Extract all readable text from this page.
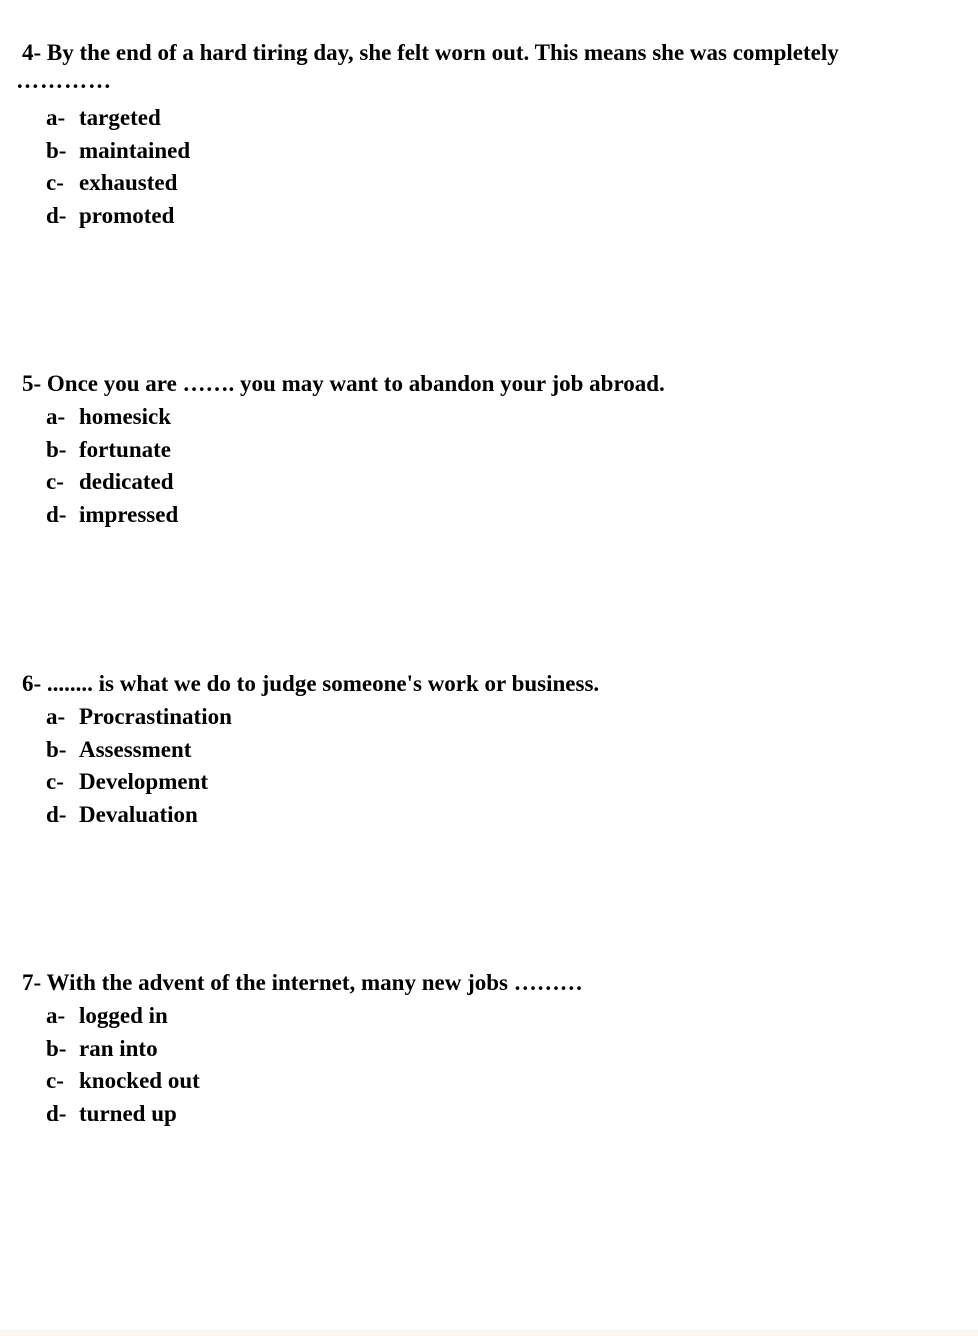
4- By the end of a hard tiring day, she felt worn out. This means she was completely
…………
a- targeted
b- maintained
c- exhausted
d- promoted
5- Once you are ……. you may want to abandon your job abroad.
a- homesick
b- fortunate
c- dedicated
d- impressed
6- ........ is what we do to judge someone's work or business.
a- Procrastination
b- Assessment
c- Development
d- Devaluation
7- With the advent of the internet, many new jobs ………
a- logged in
b- ran into
c- knocked out
d- turned up
